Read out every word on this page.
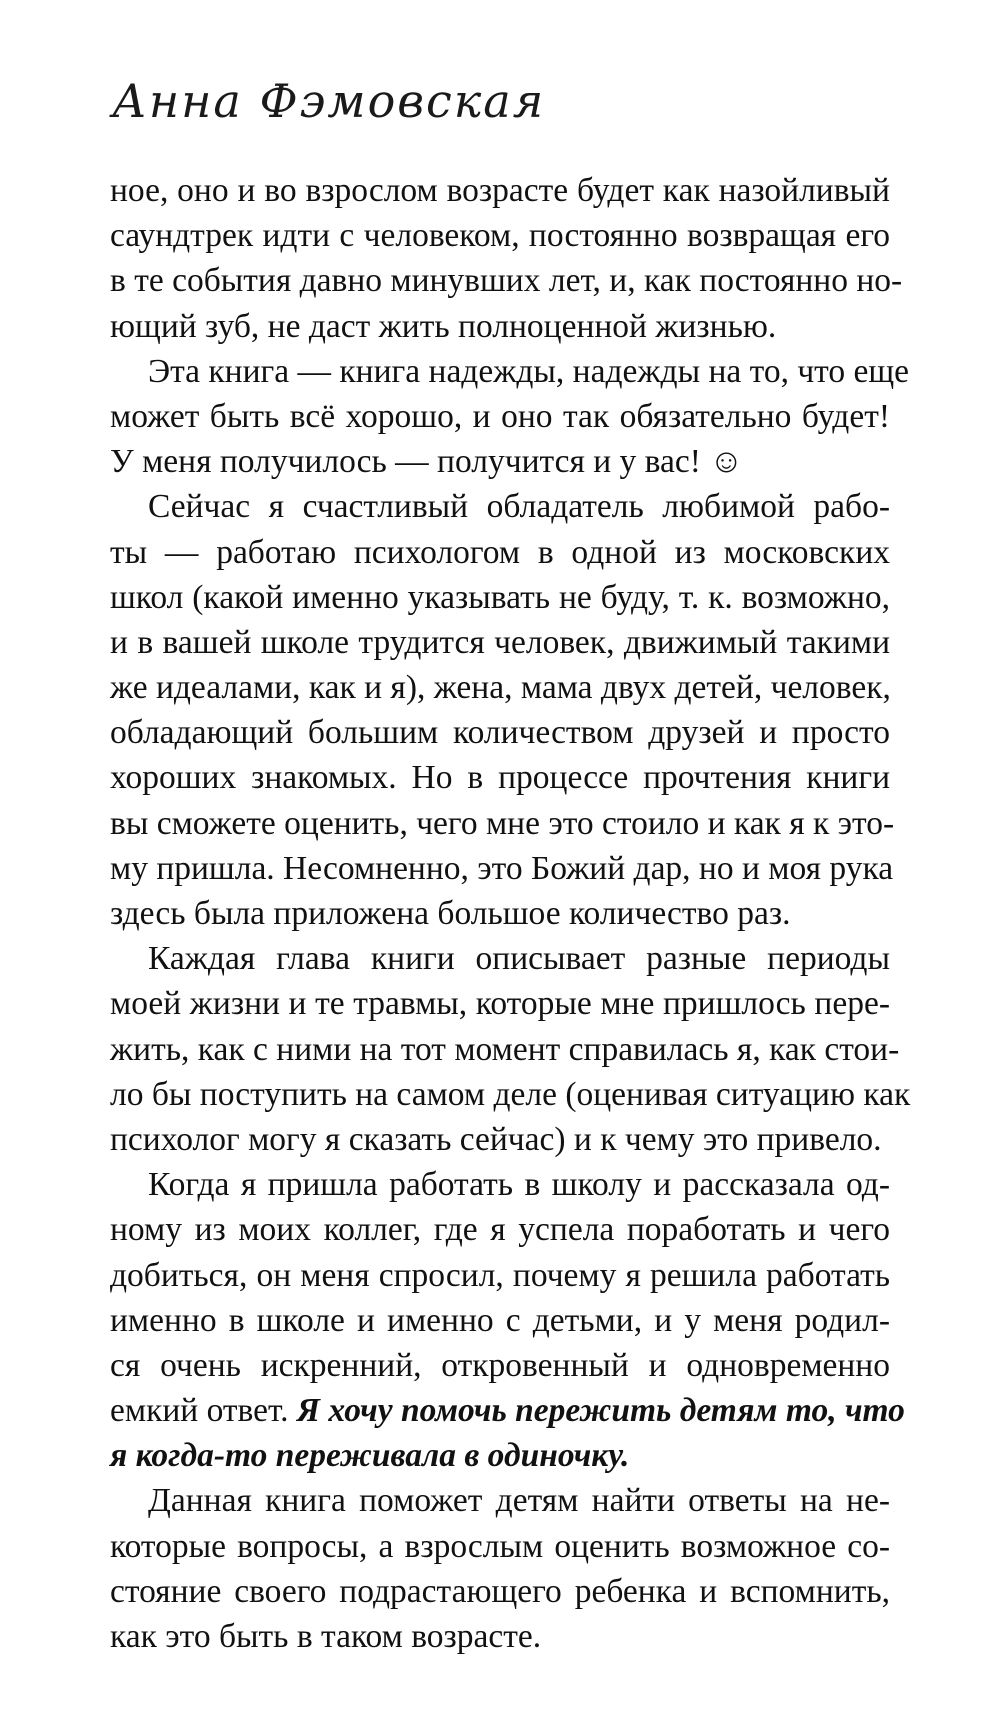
Анна Фэмовская
ное, оно и во взрослом возрасте будет как назойливый
саундтрек идти с человеком, постоянно возвращая его
в те события давно минувших лет, и, как постоянно но-
ющий зуб, не даст жить полноценной жизнью.
Эта книга — книга надежды, надежды на то, что еще
может быть всё хорошо, и оно так обязательно будет!
У меня получилось — получится и у вас! ☺
Сейчас я счастливый обладатель любимой рабо-
ты — работаю психологом в одной из московских
школ (какой именно указывать не буду, т. к. возможно,
и в вашей школе трудится человек, движимый такими
же идеалами, как и я), жена, мама двух детей, человек,
обладающий большим количеством друзей и просто
хороших знакомых. Но в процессе прочтения книги
вы сможете оценить, чего мне это стоило и как я к это-
му пришла. Несомненно, это Божий дар, но и моя рука
здесь была приложена большое количество раз.
Каждая глава книги описывает разные периоды
моей жизни и те травмы, которые мне пришлось пере-
жить, как с ними на тот момент справилась я, как стои-
ло бы поступить на самом деле (оценивая ситуацию как
психолог могу я сказать сейчас) и к чему это привело.
Когда я пришла работать в школу и рассказала од-
ному из моих коллег, где я успела поработать и чего
добиться, он меня спросил, почему я решила работать
именно в школе и именно с детьми, и у меня родил-
ся очень искренний, откровенный и одновременно
емкий ответ. Я хочу помочь пережить детям то, что
я когда-то переживала в одиночку.
Данная книга поможет детям найти ответы на не-
которые вопросы, а взрослым оценить возможное со-
стояние своего подрастающего ребенка и вспомнить,
как это быть в таком возрасте.
